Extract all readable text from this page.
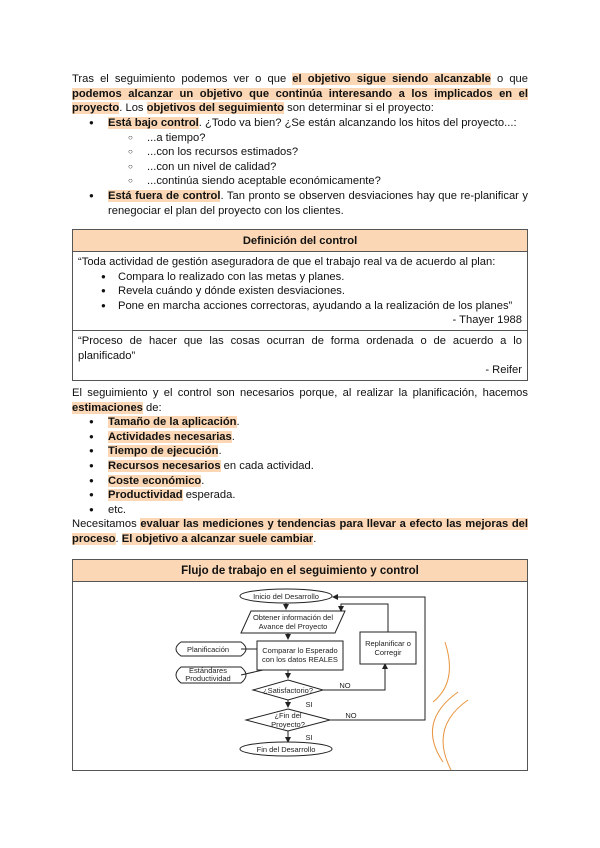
Tras el seguimiento podemos ver o que el objetivo sigue siendo alcanzable o que podemos alcanzar un objetivo que continúa interesando a los implicados en el proyecto. Los objetivos del seguimiento son determinar si el proyecto:
● Está bajo control. ¿Todo va bien? ¿Se están alcanzando los hitos del proyecto...:
○ ...a tiempo?
○ ...con los recursos estimados?
○ ...con un nivel de calidad?
○ ...continúa siendo aceptable económicamente?
● Está fuera de control. Tan pronto se observen desviaciones hay que re-planificar y renegociar el plan del proyecto con los clientes.
Definición del control
“Toda actividad de gestión aseguradora de que el trabajo real va de acuerdo al plan:
● Compara lo realizado con las metas y planes.
● Revela cuándo y dónde existen desviaciones.
● Pone en marcha acciones correctoras, ayudando a la realización de los planes”
- Thayer 1988
“Proceso de hacer que las cosas ocurran de forma ordenada o de acuerdo a lo planificado”
- Reifer
El seguimiento y el control son necesarios porque, al realizar la planificación, hacemos estimaciones de:
● Tamaño de la aplicación.
● Actividades necesarias.
● Tiempo de ejecución.
● Recursos necesarios en cada actividad.
● Coste económico.
● Productividad esperada.
● etc.
Necesitamos evaluar las mediciones y tendencias para llevar a efecto las mejoras del proceso. El objetivo a alcanzar suele cambiar.
Flujo de trabajo en el seguimiento y control
Inicio del Desarrollo
Obtener información del
Avance del Proyecto
Comparar lo Esperado
con los datos REALES
Replanificar o
Corregir
Planificación
Estándares
Productividad
¿Satisfactorio?
¿Fin del
Proyecto?
SI
SI
NO
NO
Fin del Desarrollo
